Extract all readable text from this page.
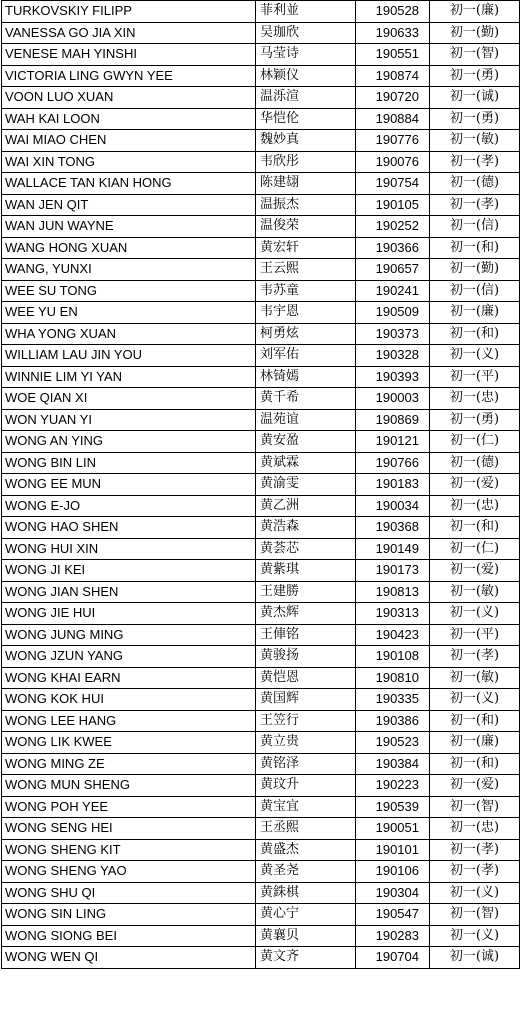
TURKOVSKIY FILIPP	菲利並	190528	初一(廉)
VANESSA GO JIA XIN	吴珈欣	190633	初一(勤)
VENESE MAH YINSHI	马莹诗	190551	初一(智)
VICTORIA LING GWYN YEE	林颖仪	190874	初一(勇)
VOON LUO XUAN	温泺渲	190720	初一(诚)
WAH KAI LOON	华恺伦	190884	初一(勇)
WAI MIAO CHEN	魏妙真	190776	初一(敏)
WAI XIN TONG	韦欣彤	190076	初一(孝)
WALLACE TAN KIAN HONG	陈建翃	190754	初一(德)
WAN JEN QIT	温振杰	190105	初一(孝)
WAN JUN WAYNE	温俊荣	190252	初一(信)
WANG HONG XUAN	黄宏轩	190366	初一(和)
WANG, YUNXI	王云熙	190657	初一(勤)
WEE SU TONG	韦苏童	190241	初一(信)
WEE YU EN	韦宇恩	190509	初一(廉)
WHA YONG XUAN	柯勇炫	190373	初一(和)
WILLIAM LAU JIN YOU	刘军佑	190328	初一(义)
WINNIE LIM YI YAN	林锜嫣	190393	初一(平)
WOE QIAN XI	黄千希	190003	初一(忠)
WON YUAN YI	温苑谊	190869	初一(勇)
WONG AN YING	黄安盈	190121	初一(仁)
WONG BIN LIN	黄斌霖	190766	初一(德)
WONG EE MUN	黄渝雯	190183	初一(爱)
WONG E-JO	黄乙洲	190034	初一(忠)
WONG HAO SHEN	黄浩森	190368	初一(和)
WONG HUI XIN	黄荟芯	190149	初一(仁)
WONG JI KEI	黄紫琪	190173	初一(爱)
WONG JIAN SHEN	王建勝	190813	初一(敏)
WONG JIE HUI	黄杰辉	190313	初一(义)
WONG JUNG MING	王俥铭	190423	初一(平)
WONG JZUN YANG	黄骏扬	190108	初一(孝)
WONG KHAI EARN	黄恺恩	190810	初一(敏)
WONG KOK HUI	黄国辉	190335	初一(义)
WONG LEE HANG	王笠行	190386	初一(和)
WONG LIK KWEE	黄立贵	190523	初一(廉)
WONG MING ZE	黄铭泽	190384	初一(和)
WONG MUN SHENG	黄玟升	190223	初一(爱)
WONG POH YEE	黄宝宜	190539	初一(智)
WONG SENG HEI	王丞熙	190051	初一(忠)
WONG SHENG KIT	黄盛杰	190101	初一(孝)
WONG SHENG YAO	黄圣尧	190106	初一(孝)
WONG SHU QI	黄銖棋	190304	初一(义)
WONG SIN LING	黄心宁	190547	初一(智)
WONG SIONG BEI	黄襄贝	190283	初一(义)
WONG WEN QI	黄文齐	190704	初一(诚)
